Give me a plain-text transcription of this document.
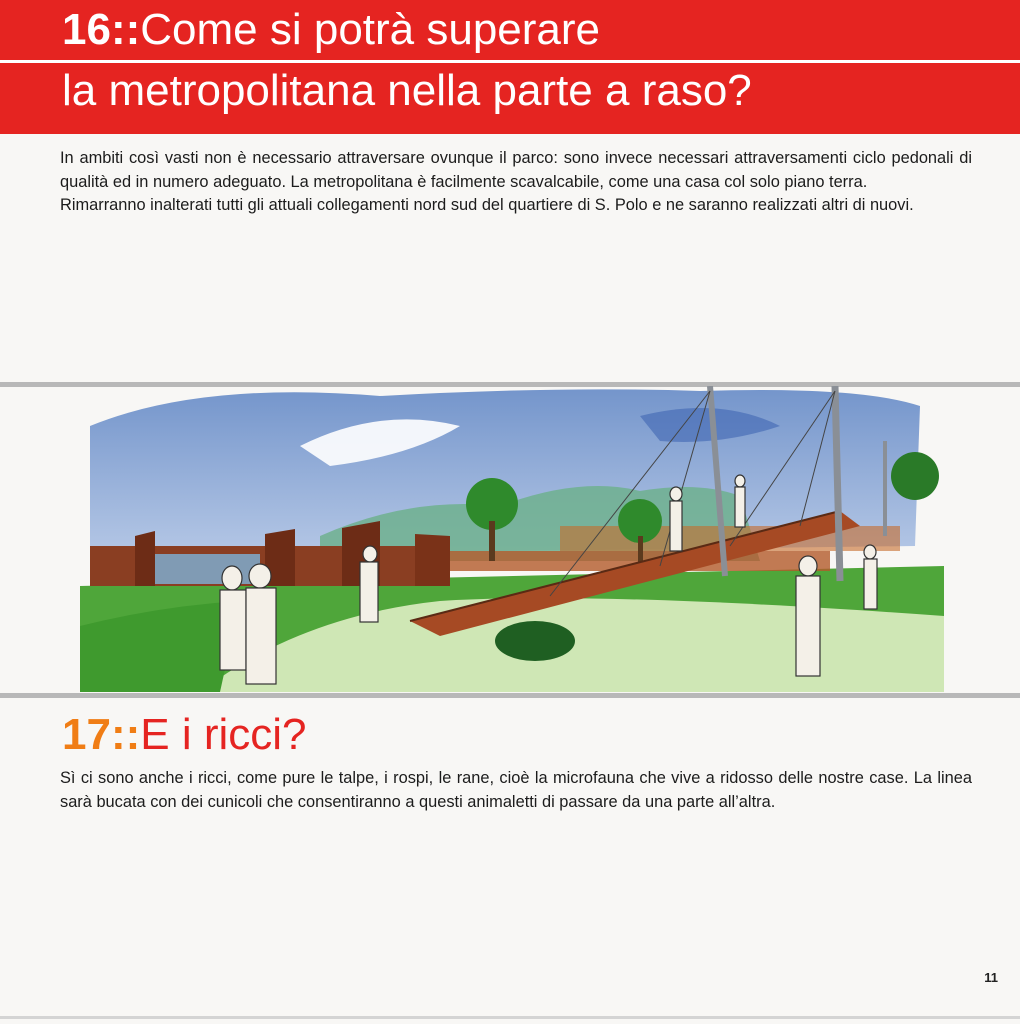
16::Come si potrà superare
la metropolitana nella parte a raso?

In ambiti così vasti non è necessario attraversare ovunque il parco: sono invece necessari attraversamenti ciclo pedonali di qualità ed in numero adeguato. La metropolitana è facilmente scavalcabile, come una casa col solo piano terra.
Rimarranno inalterati tutti gli attuali collegamenti nord sud del quartiere di S. Polo e ne saranno realizzati altri di nuovi.

17::E i ricci?

Sì ci sono anche i ricci, come pure le talpe, i rospi, le rane, cioè la microfauna che vive a ridosso delle nostre case. La linea sarà bucata con dei cunicoli che consentiranno a questi animaletti di passare da una parte all’altra.

11
